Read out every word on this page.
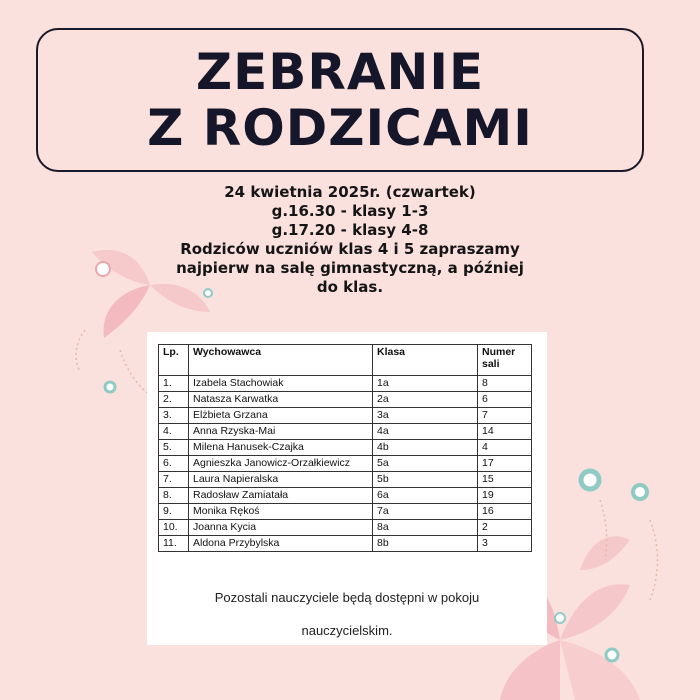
ZEBRANIE
Z RODZICAMI
24 kwietnia 2025r. (czwartek)
g.16.30 - klasy 1-3
g.17.20 - klasy 4-8
Rodziców uczniów klas 4 i 5 zapraszamy
najpierw na salę gimnastyczną, a później
do klas.
Lp.	Wychowawca	Klasa	Numer
sali
1.	Izabela Stachowiak	1a	8
2.	Natasza Karwatka	2a	6
3.	Elżbieta Grzana	3a	7
4.	Anna Rzyska-Mai	4a	14
5.	Milena Hanusek-Czajka	4b	4
6.	Agnieszka Janowicz-Orzałkiewicz	5a	17
7.	Laura Napieralska	5b	15
8.	Radosław Zamiatała	6a	19
9.	Monika Rękoś	7a	16
10.	Joanna Kycia	8a	2
11.	Aldona Przybylska	8b	3
Pozostali nauczyciele będą dostępni w pokoju
nauczycielskim.
